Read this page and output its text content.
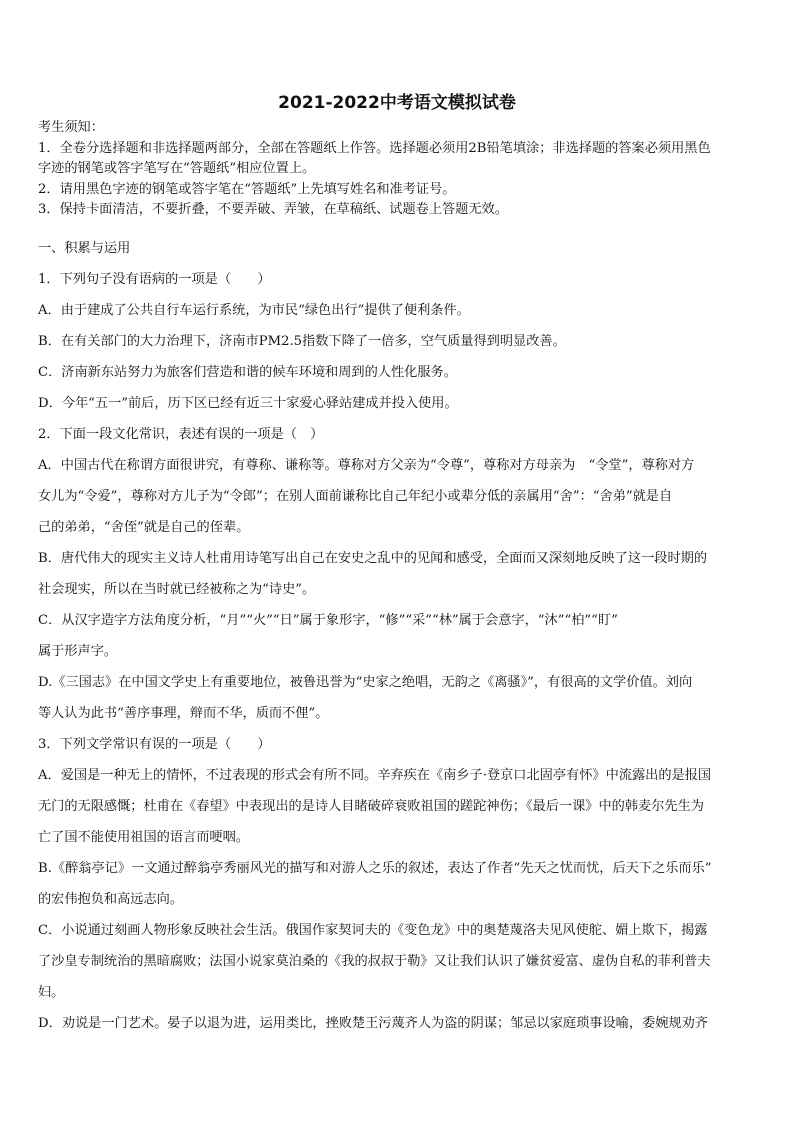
2021-2022中考语文模拟试卷
考生须知：
1．全卷分选择题和非选择题两部分，全部在答题纸上作答。选择题必须用2B铅笔填涂；非选择题的答案必须用黑色
字迹的钢笔或答字笔写在“答题纸”相应位置上。
2．请用黑色字迹的钢笔或答字笔在“答题纸”上先填写姓名和准考证号。
3．保持卡面清洁，不要折叠，不要弄破、弄皱，在草稿纸、试题卷上答题无效。
一、积累与运用
1．下列句子没有语病的一项是（　　）
A．由于建成了公共自行车运行系统，为市民“绿色出行”提供了便利条件。
B．在有关部门的大力治理下，济南市PM2.5指数下降了一倍多，空气质量得到明显改善。
C．济南新东站努力为旅客们营造和谐的候车环境和周到的人性化服务。
D．今年“五一”前后，历下区已经有近三十家爱心驿站建成并投入使用。
2．下面一段文化常识，表述有误的一项是（　）
A．中国古代在称谓方面很讲究，有尊称、谦称等。尊称对方父亲为“令尊”，尊称对方母亲为　“令堂”，尊称对方
女儿为“令爱”，尊称对方儿子为“令郎”；在别人面前谦称比自己年纪小或辈分低的亲属用“舍”：“舍弟”就是自
己的弟弟，“舍侄”就是自己的侄辈。
B．唐代伟大的现实主义诗人杜甫用诗笔写出自己在安史之乱中的见闻和感受，全面而又深刻地反映了这一段时期的
社会现实，所以在当时就已经被称之为“诗史”。
C．从汉字造字方法角度分析，“月”“火”“日”属于象形字，“修”“采”“林”属于会意字，“沐”“柏”“盯”
属于形声字。
D.《三国志》在中国文学史上有重要地位，被鲁迅誉为“史家之绝唱，无韵之《离骚》”，有很高的文学价值。刘向
等人认为此书“善序事理，辩而不华，质而不俚”。
3．下列文学常识有误的一项是（　　）
A．爱国是一种无上的情怀，不过表现的形式会有所不同。辛弃疾在《南乡子·登京口北固亭有怀》中流露出的是报国
无门的无限感慨；杜甫在《春望》中表现出的是诗人目睹破碎衰败祖国的蹉跎神伤；《最后一课》中的韩麦尔先生为
亡了国不能使用祖国的语言而哽咽。
B.《醉翁亭记》一文通过醉翁亭秀丽风光的描写和对游人之乐的叙述，表达了作者“先天之忧而忧，后天下之乐而乐”
的宏伟抱负和高远志向。
C．小说通过刻画人物形象反映社会生活。俄国作家契诃夫的《变色龙》中的奥楚蔑洛夫见风使舵、媚上欺下，揭露
了沙皇专制统治的黑暗腐败；法国小说家莫泊桑的《我的叔叔于勒》又让我们认识了嫌贫爱富、虚伪自私的菲利普夫
妇。
D．劝说是一门艺术。晏子以退为进，运用类比，挫败楚王污蔑齐人为盗的阴谋；邹忌以家庭琐事设喻，委婉规劝齐
